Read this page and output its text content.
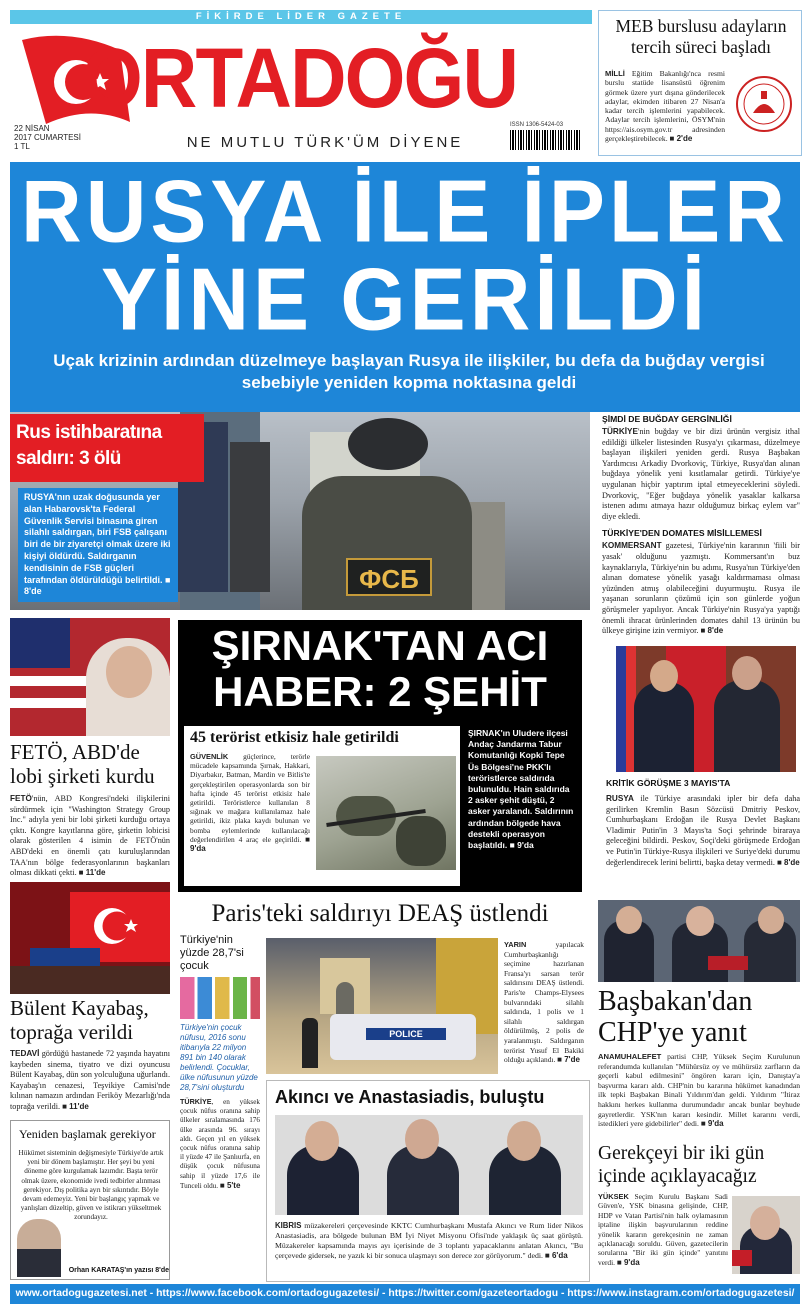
FİKİRDE LİDER GAZETE
ORTADOĞU
ISSN 1306-5424-03
22 NİSAN
2017 CUMARTESİ
1 TL	NE MUTLU TÜRK'ÜM DİYENE
MEB burslusu adayların tercih süreci başladı
MİLLİ Eğitim Bakanlığı'nca resmi burslu statüde lisansüstü öğrenim görmek üzere yurt dışına gönderilecek adaylar, ekimden itibaren 27 Nisan'a kadar tercih işlemlerini yapabilecek. Adaylar tercih işlemlerini, ÖSYM'nin https://ais.osym.gov.tr adresinden gerçekleştirebilecek. ■ 2'de
RUSYA İLE İPLER
YİNE GERİLDİ
Uçak krizinin ardından düzelmeye başlayan Rusya ile ilişkiler, bu defa da buğday vergisi sebebiyle yeniden kopma noktasına geldi
ФСБ
Rus istihbaratına
saldırı: 3 ölü
RUSYA'nın uzak doğusunda yer alan Habarovsk'ta Federal Güvenlik Servisi binasına giren silahlı saldırgan, biri FSB çalışanı biri de bir ziyaretçi olmak üzere iki kişiyi öldürdü. Saldırganın kendisinin de FSB güçleri tarafından öldürüldüğü belirtildi. ■ 8'de
ŞİMDİ DE BUĞDAY GERGİNLİĞİ
TÜRKİYE'nin buğday ve bir dizi ürünün vergisiz ithal edildiği ülkeler listesinden Rusya'yı çıkarması, düzelmeye başlayan ilişkileri yeniden gerdi. Rusya Başbakan Yardımcısı Arkadiy Dvorkoviç, Türkiye, Rusya'dan alınan buğdaya yönelik yeni kısıtlamalar getirdi. Türkiye'ye uygulanan hiçbir yaptırım iptal etmeyeceklerini söyledi. Dvorkoviç, "Eğer buğdaya yönelik yasaklar kalkarsa istenen adımı atmaya hazır olduğumuz birkaç eylem var" diye ekledi.
TÜRKİYE'DEN DOMATES MİSİLLEMESİ
KOMMERSANT gazetesi, Türkiye'nin kararının 'fiili bir yasak' olduğunu yazmıştı. Kommersant'ın buz kaynaklarıyla, Türkiye'nin bu adımı, Rusya'nın Türkiye'den alınan domatese yönelik yasağı kaldırmaması olması yüzünden atmış olabileceğini duyurmuştu. Rusya ile yaşanan sorunların çözümü için son günlerde yoğun görüşmeler yapılıyor. Ancak Türkiye'nin Rusya'ya yaptığı önemli ihracat ürünlerinden domates dahil 13 ürünün bu ülkeye girişine izin vermiyor. ■ 8'de
KRİTİK GÖRÜŞME 3 MAYIS'TA
RUSYA ile Türkiye arasındaki ipler bir defa daha gerilirken Kremlin Basın Sözcüsü Dmitriy Peskov, Cumhurbaşkanı Erdoğan ile Rusya Devlet Başkanı Vladimir Putin'in 3 Mayıs'ta Soçi şehrinde biraraya geleceğini bildirdi. Peskov, Soçi'deki görüşmede Erdoğan ve Putin'in Türkiye-Rusya ilişkileri ve Suriye'deki durumu değerlendirecek lerini belirtti, başka detay vermedi. ■ 8'de
FETÖ, ABD'de lobi şirketi kurdu
FETÖ'nün, ABD Kongresi'ndeki ilişkilerini sürdürmek için "Washington Strategy Group Inc." adıyla yeni bir lobi şirketi kurduğu ortaya çıktı. Kongre kayıtlarına göre, şirketin lobicisi olarak gösterilen 4 isimin de FETÖ'nün ABD'deki en önemli çatı kuruluşlarından TAA'nın bölge federasyonlarının başkanları olması dikkati çekti. ■ 11'de
ŞIRNAK'TAN ACI
HABER: 2 ŞEHİT
45 terörist etkisiz hale getirildi
GÜVENLİK güçlerince, terörle mücadele kapsamında Şırnak, Hakkari, Diyarbakır, Batman, Mardin ve Bitlis'te gerçekleştirilen operasyonlarda son bir hafta içinde 45 terörist etkisiz hale getirildi. Teröristlerce kullanılan 8 sığınak ve mağara kullanılamaz hale getirildi, ikiz plaka kaydı bulunan ve bomba eylemlerinde kullanılacağı değerlendirilen 4 araç ele geçirildi. ■ 9'da
ŞIRNAK'ın Uludere ilçesi Andaç Jandarma Tabur Komutanlığı Kopki Tepe Üs Bölgesi'ne PKK'lı teröristlerce saldırıda bulunuldu. Hain saldırıda 2 asker şehit düştü, 2 asker yaralandı. Saldırının ardından bölgede hava destekli operasyon başlatıldı. ■ 9'da
Bülent Kayabaş, toprağa verildi
TEDAVİ gördüğü hastanede 72 yaşında hayatını kaybeden sinema, tiyatro ve dizi oyuncusu Bülent Kayabaş, dün son yolculuğuna uğurlandı. Kayabaş'ın cenazesi, Teşvikiye Camisi'nde kılınan namazın ardından Feriköy Mezarlığı'nda toprağa verildi. ■ 11'de
Yeniden başlamak gerekiyor
Hükümet sisteminin değişmesiyle Türkiye'de artık yeni bir dönem başlamıştır. Her şeyi bu yeni döneme göre kurgulamak lazımdır. Başta terör olmak üzere, ekonomide ivedi tedbirler alınması gerekiyor. Dış politika ayrı bir sıkıntıdır. Böyle devam edemeyiz. Yeni bir başlangıç yapmak ve yanlışları düzeltip, güven ve istikrarı yükseltmek zorundayız.
Orhan KARATAŞ'ın yazısı 8'de
Paris'teki saldırıyı DEAŞ üstlendi
Türkiye'nin yüzde 28,7'si çocuk
Türkiye'nin çocuk nüfusu, 2016 sonu itibarıyla 22 milyon 891 bin 140 olarak belirlendi. Çocuklar, ülke nüfusunun yüzde 28,7'sini oluşturdu
TÜRKİYE, en yüksek çocuk nüfus oranına sahip ülkeler sıralamasında 176 ülke arasında 96. sırayı aldı. Geçen yıl en yüksek çocuk nüfus oranına sahip il yüzde 47 ile Şanlıurfa, en düşük çocuk nüfusuna sahip il yüzde 17,6 ile Tunceli oldu. ■ 5'te
POLICE
YARIN yapılacak Cumhurbaşkanlığı seçimine hazırlanan Fransa'yı sarsan terör saldırısını DEAŞ üstlendi. Paris'te Champs-Elysees bulvarındaki silahlı saldırıda, 1 polis ve 1 silahlı saldırgan öldürülmüş, 2 polis de yaralanmıştı. Saldırganın terörist Yusuf El Bakiki olduğu açıklandı. ■ 7'de
Akıncı ve Anastasiadis, buluştu
KIBRIS müzakereleri çerçevesinde KKTC Cumhurbaşkanı Mustafa Akıncı ve Rum lider Nikos Anastasiadis, ara bölgede bulunan BM İyi Niyet Misyonu Ofisi'nde yaklaşık üç saat görüştü. Müzakereler kapsamında mayıs ayı içerisinde de 3 toplantı yapacaklarını anlatan Akıncı, "Bu çerçevede gidersek, ne yazık ki bir sonuca ulaşmayı son derece zor görüyorum." dedi. ■ 6'da
Başbakan'dan CHP'ye yanıt
ANAMUHALEFET partisi CHP, Yüksek Seçim Kurulunun referandumda kullanılan "Mühürsüz oy ve mühürsüz zarfların da geçerli kabul edilmesini" öngören kararı için, Danıştay'a başvurma kararı aldı. CHP'nin bu kararına hükümet kanadından ilk tepki Başbakan Binali Yıldırım'dan geldi. Yıldırım "İtiraz hakkını herkes kullanma durumundadır ancak bunlar beyhude gayretlerdir. YSK'nın kararı kesindir. Millet kararını verdi, istedikleri yere gidebilirler" dedi. ■ 9'da
Gerekçeyi bir iki gün içinde açıklayacağız
YÜKSEK Seçim Kurulu Başkanı Sadi Güven'e, YSK binasına gelişinde, CHP, HDP ve Vatan Partisi'nin halk oylamasının iptaline ilişkin başvurularının reddine yönelik kararın gerekçesinin ne zaman açıklanacağı soruldu. Güven, gazetecilerin sorularına "Bir iki gün içinde" yanıtını verdi. ■ 9'da
www.ortadogugazetesi.net - https://www.facebook.com/ortadogugazetesi/ - https://twitter.com/gazeteortadogu - https://www.instagram.com/ortadogugazetesi/
